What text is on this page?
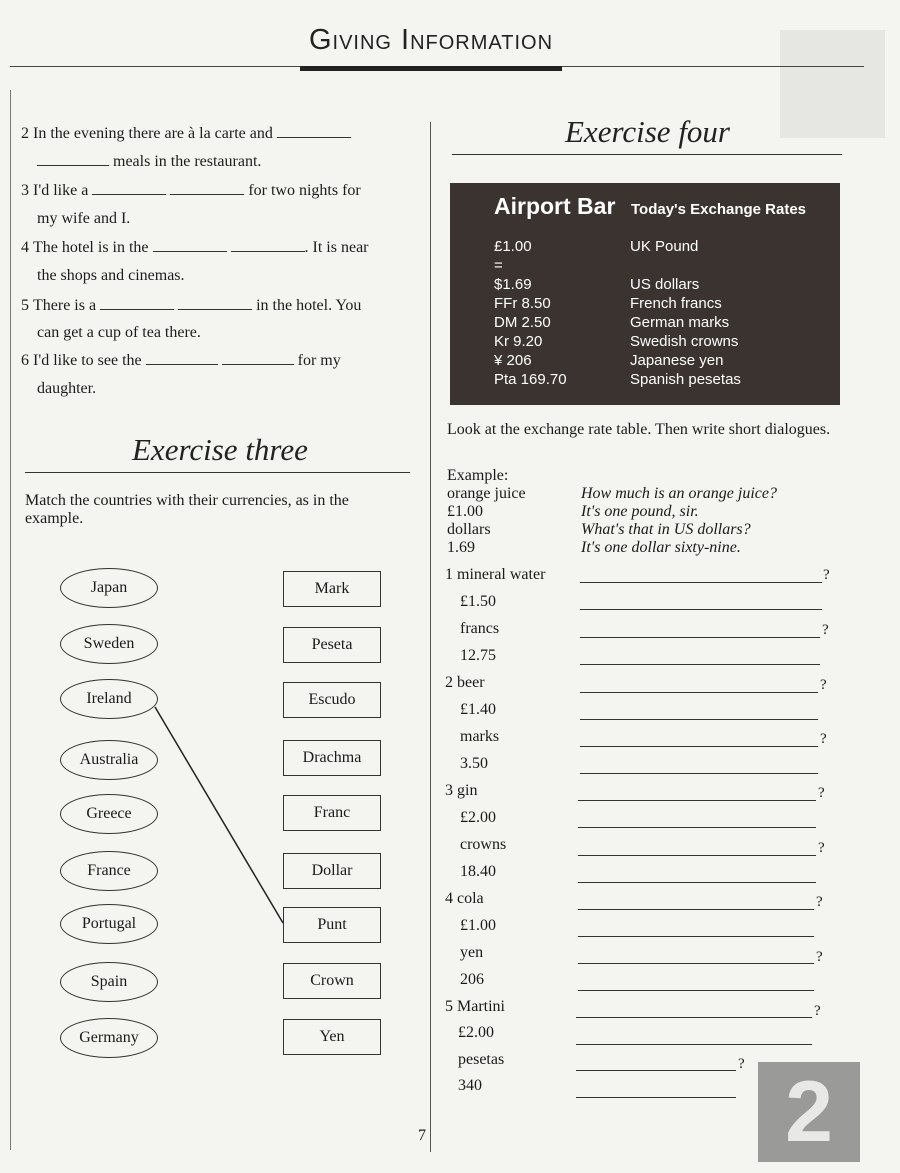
Giving Information
2 In the evening there are à la carte and
meals in the restaurant.
3 I'd like a	for two nights for
my wife and I.
4 The hotel is in the	. It is near
the shops and cinemas.
5 There is a	in the hotel. You
can get a cup of tea there.
6 I'd like to see the	for my
daughter.
Exercise three
Match the countries with their currencies, as in the example.
Japan
Sweden
Ireland
Australia
Greece
France
Portugal
Spain
Germany
Mark
Peseta
Escudo
Drachma
Franc
Dollar
Punt
Crown
Yen
Exercise four
Airport Bar Today's Exchange Rates
£1.00	UK Pound
=
$1.69	US dollars
FFr 8.50	French francs
DM 2.50	German marks
Kr 9.20	Swedish crowns
¥ 206	Japanese yen
Pta 169.70	Spanish pesetas
Look at the exchange rate table. Then write short dialogues.
Example:
orange juice	How much is an orange juice?
£1.00	It's one pound, sir.
dollars	What's that in US dollars?
1.69	It's one dollar sixty-nine.
1 mineral water	?
£1.50
francs	?
12.75
2 beer	?
£1.40
marks	?
3.50
3 gin	?
£2.00
crowns	?
18.40
4 cola	?
£1.00
yen	?
206
5 Martini	?
£2.00
pesetas	?
340
7	2
